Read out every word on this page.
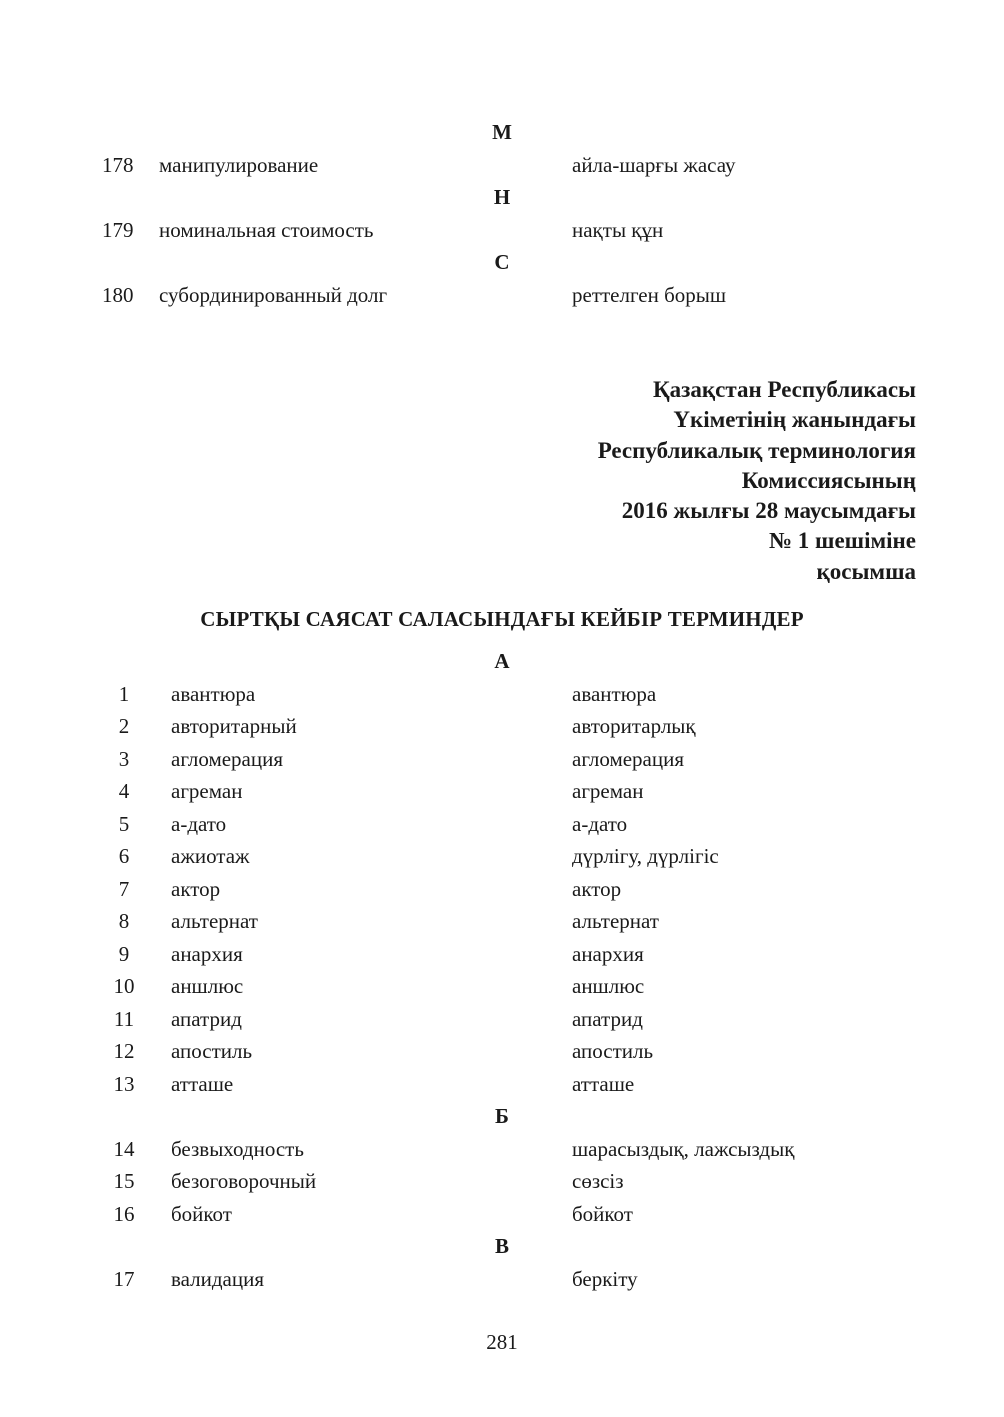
М
178 манипулирование	айла-шарғы жасау
Н
179 номинальная стоимость	нақты құн
С
180 субординированный долг	реттелген борыш
Қазақстан Республикасы
Үкіметінің жанындағы
Республикалық терминология
Комиссиясының
2016 жылғы 28 маусымдағы
№ 1 шешіміне
қосымша
СЫРТҚЫ САЯСАТ САЛАСЫНДАҒЫ КЕЙБІР ТЕРМИНДЕР
А
1	авантюра	авантюра
2	авторитарный	авторитарлық
3	агломерация	агломерация
4	агреман	агреман
5	а-дато	а-дато
6	ажиотаж	дүрлігу, дүрлігіс
7	актор	актор
8	альтернат	альтернат
9	анархия	анархия
10	аншлюс	аншлюс
11	апатрид	апатрид
12	апостиль	апостиль
13	атташе	атташе
Б
14	безвыходность	шарасыздық, лажсыздық
15	безоговорочный	сөзсіз
16	бойкот	бойкот
В
17	валидация	беркіту
281
